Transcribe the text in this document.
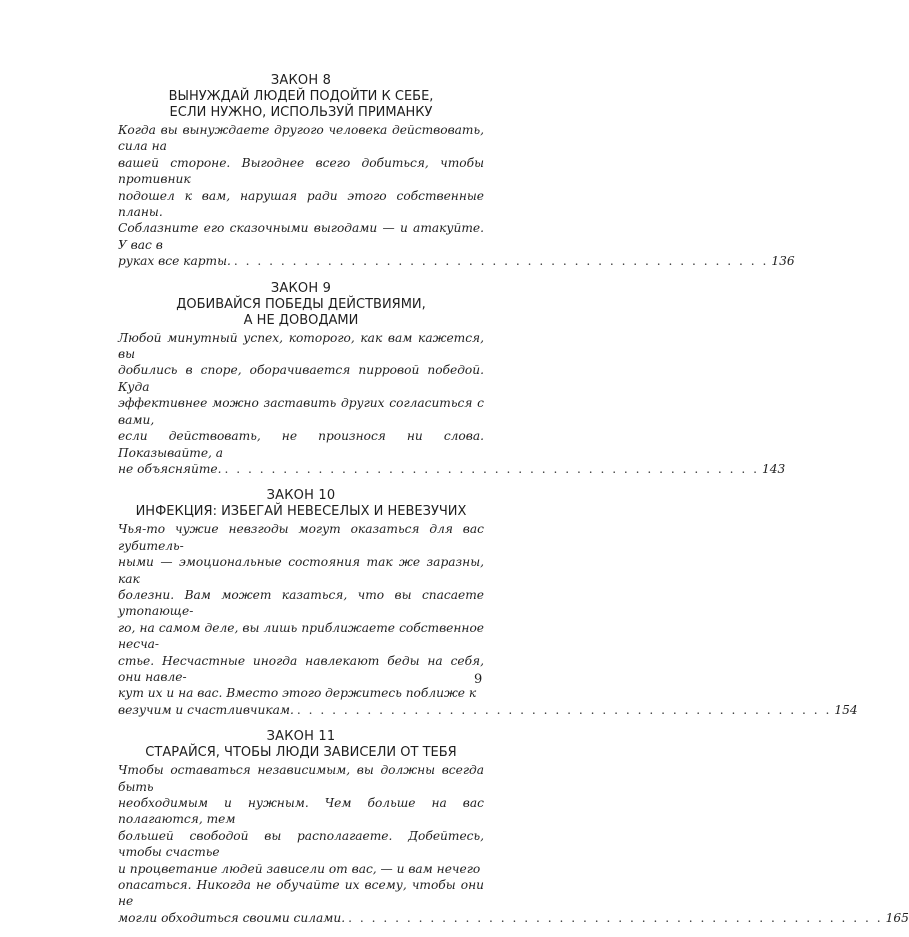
ЗАКОН 8
ВЫНУЖДАЙ ЛЮДЕЙ ПОДОЙТИ К СЕБЕ,
ЕСЛИ НУЖНО, ИСПОЛЬЗУЙ ПРИМАНКУ
Когда вы вынуждаете другого человека действовать, сила на
вашей стороне. Выгоднее всего добиться, чтобы противник
подошел к вам, нарушая ради этого собственные планы.
Соблазните его сказочными выгодами — и атакуйте. У вас в
руках все карты. . . . . . . . . . . . . . . . . . . . . . . . . . . . . . . . . . . . . . . . . . . . . . . 136
ЗАКОН 9
ДОБИВАЙСЯ ПОБЕДЫ ДЕЙСТВИЯМИ,
А НЕ ДОВОДАМИ
Любой минутный успех, которого, как вам кажется, вы
добились в споре, оборачивается пирровой победой. Куда
эффективнее можно заставить других согласиться с вами,
если действовать, не произнося ни слова. Показывайте, а
не объясняйте. . . . . . . . . . . . . . . . . . . . . . . . . . . . . . . . . . . . . . . . . . . . . . . 143
ЗАКОН 10
ИНФЕКЦИЯ: ИЗБЕГАЙ НЕВЕСЕЛЫХ И НЕВЕЗУЧИХ
Чья-то чужие невзгоды могут оказаться для вас губитель-
ными — эмоциональные состояния так же заразны, как
болезни. Вам может казаться, что вы спасаете утопающе-
го, на самом деле, вы лишь приближаете собственное несча-
стье. Несчастные иногда навлекают беды на себя, они навле-
кут их и на вас. Вместо этого держитесь поближе к
везучим и счастливчикам. . . . . . . . . . . . . . . . . . . . . . . . . . . . . . . . . . . . . . . . . . . . . . . 154
ЗАКОН 11
СТАРАЙСЯ, ЧТОБЫ ЛЮДИ ЗАВИСЕЛИ ОТ ТЕБЯ
Чтобы оставаться независимым, вы должны всегда быть
необходимым и нужным. Чем больше на вас полагаются, тем
большей свободой вы располагаете. Добейтесь, чтобы счастье
и процветание людей зависели от вас, — и вам нечего
опасаться. Никогда не обучайте их всему, чтобы они не
могли обходиться своими силами. . . . . . . . . . . . . . . . . . . . . . . . . . . . . . . . . . . . . . . . . . . . . . . 165
9
